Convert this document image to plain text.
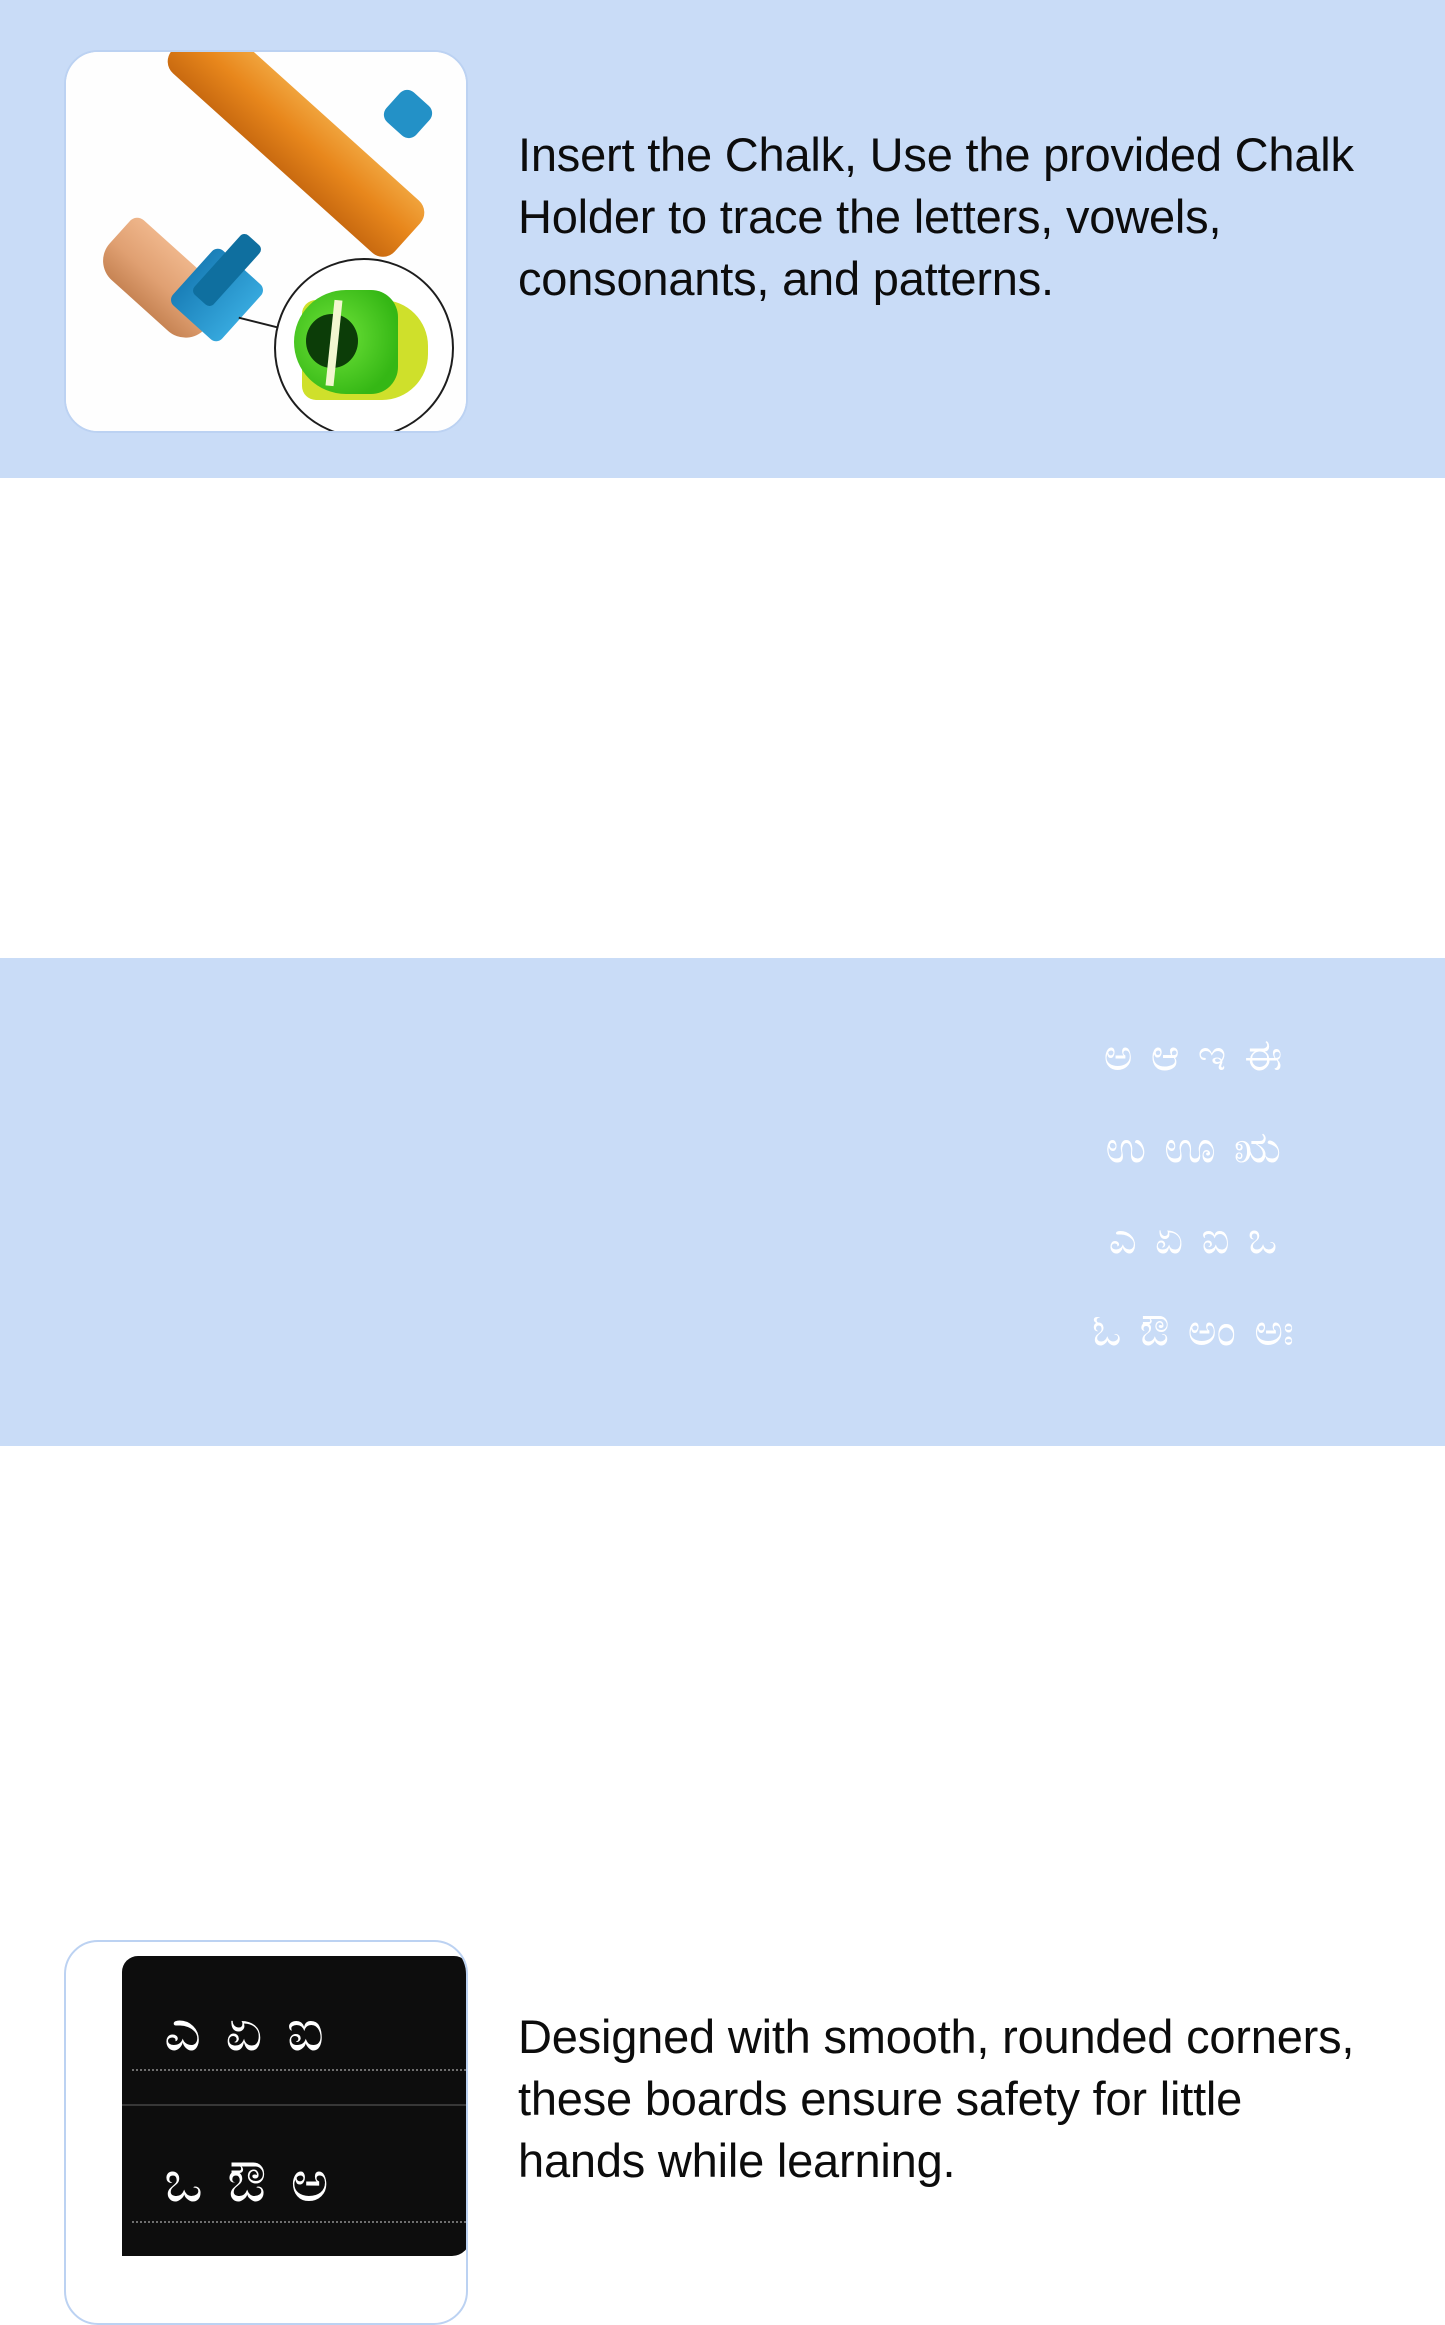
Insert the Chalk, Use the provided Chalk Holder to trace the letters, vowels, consonants, and patterns.
ಅ ಆ ಇ ಈ
ಉ ಊ ಋ
ಎ ಏ ಐ ಒ
ಓ ಔ ಅಂ ಅಃ
ಎ ಏ ಐ
ಒ ಔ ಅ
Designed with smooth, rounded corners, these boards ensure safety for little hands while learning.
